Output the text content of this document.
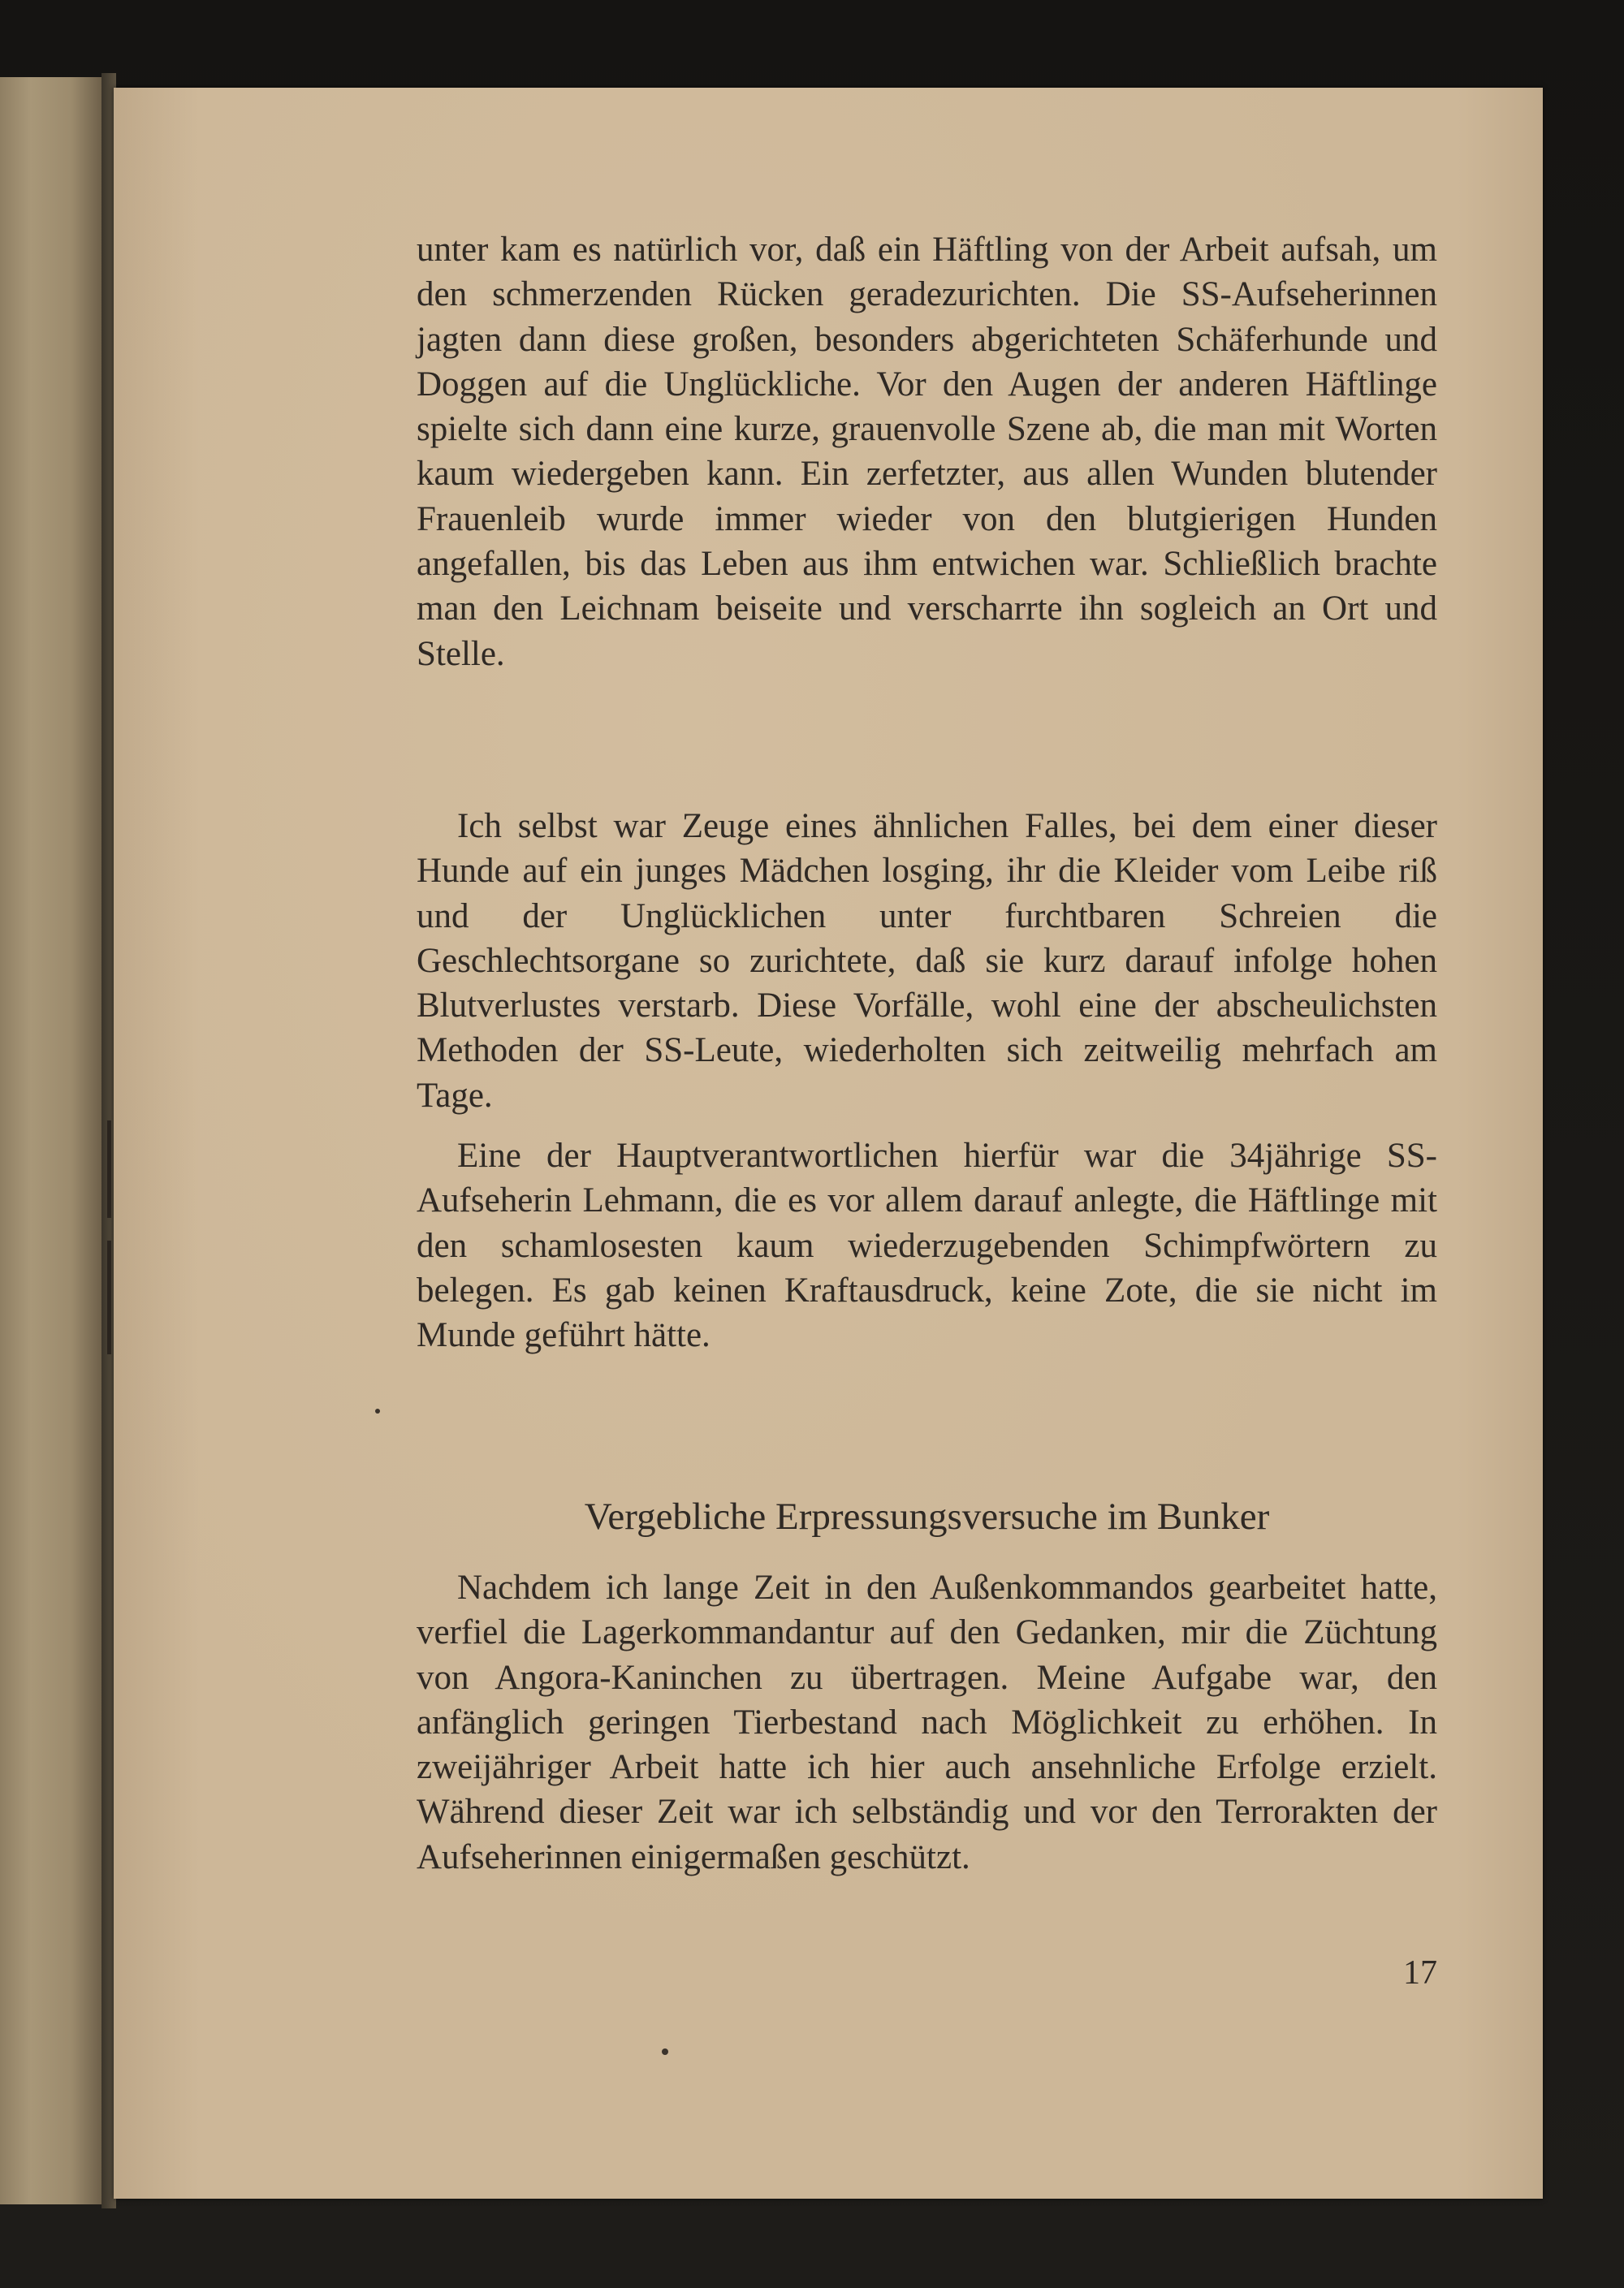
unter kam es natürlich vor, daß ein Häftling von der Arbeit aufsah, um den schmerzenden Rücken geradezurichten. Die SS-Aufseherinnen jagten dann diese großen, besonders abgerichteten Schäferhunde und Doggen auf die Unglückliche. Vor den Augen der anderen Häftlinge spielte sich dann eine kurze, grauenvolle Szene ab, die man mit Worten kaum wiedergeben kann. Ein zerfetzter, aus allen Wunden blutender Frauenleib wurde immer wieder von den blutgierigen Hunden angefallen, bis das Leben aus ihm entwichen war. Schließlich brachte man den Leichnam beiseite und verscharrte ihn sogleich an Ort und Stelle.

Ich selbst war Zeuge eines ähnlichen Falles, bei dem einer dieser Hunde auf ein junges Mädchen losging, ihr die Kleider vom Leibe riß und der Unglücklichen unter furchtbaren Schreien die Geschlechtsorgane so zurichtete, daß sie kurz darauf infolge hohen Blutverlustes verstarb. Diese Vorfälle, wohl eine der abscheulichsten Methoden der SS-Leute, wiederholten sich zeitweilig mehrfach am Tage.

Eine der Hauptverantwortlichen hierfür war die 34jährige SS-Aufseherin Lehmann, die es vor allem darauf anlegte, die Häftlinge mit den schamlosesten kaum wiederzugebenden Schimpfwörtern zu belegen. Es gab keinen Kraftausdruck, keine Zote, die sie nicht im Munde geführt hätte.

Vergebliche Erpressungsversuche im Bunker

Nachdem ich lange Zeit in den Außenkommandos gearbeitet hatte, verfiel die Lagerkommandantur auf den Gedanken, mir die Züchtung von Angora-Kaninchen zu übertragen. Meine Aufgabe war, den anfänglich geringen Tierbestand nach Möglichkeit zu erhöhen. In zweijähriger Arbeit hatte ich hier auch ansehnliche Erfolge erzielt. Während dieser Zeit war ich selbständig und vor den Terrorakten der Aufseherinnen einigermaßen geschützt.

17
